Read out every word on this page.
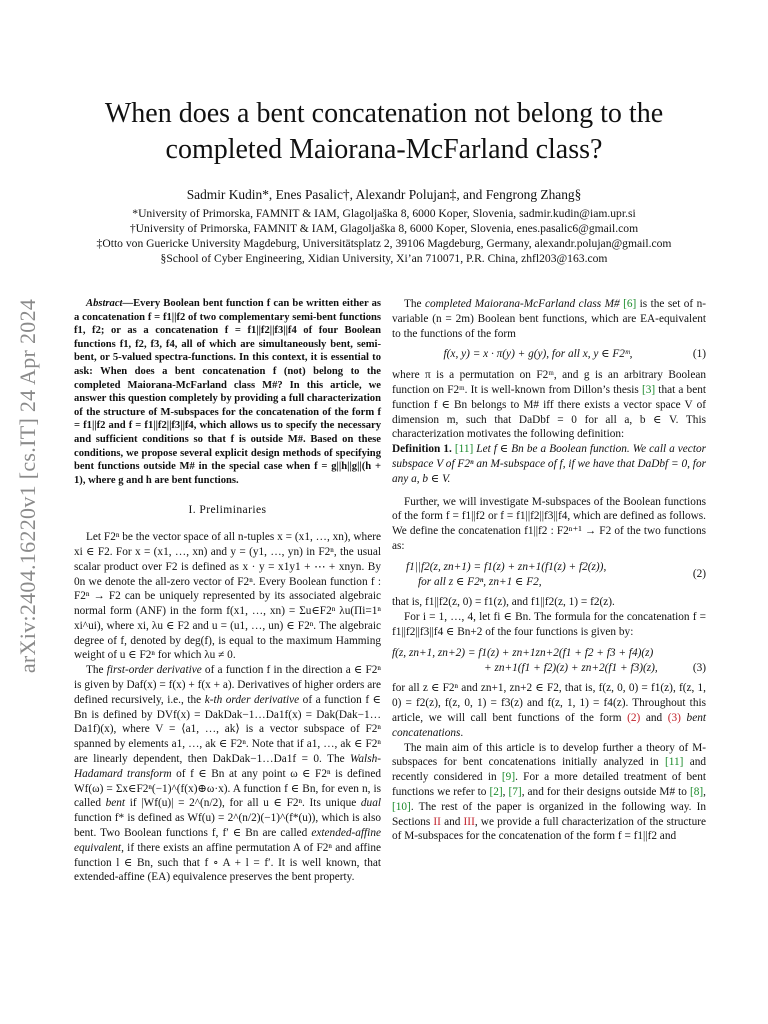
arXiv:2404.16220v1 [cs.IT] 24 Apr 2024
When does a bent concatenation not belong to the completed Maiorana-McFarland class?
Sadmir Kudin*, Enes Pasalic†, Alexandr Polujan‡, and Fengrong Zhang§
*University of Primorska, FAMNIT & IAM, Glagoljaška 8, 6000 Koper, Slovenia, sadmir.kudin@iam.upr.si
†University of Primorska, FAMNIT & IAM, Glagoljaška 8, 6000 Koper, Slovenia, enes.pasalic6@gmail.com
‡Otto von Guericke University Magdeburg, Universitätsplatz 2, 39106 Magdeburg, Germany, alexandr.polujan@gmail.com
§School of Cyber Engineering, Xidian University, Xi’an 710071, P.R. China, zhfl203@163.com

Abstract—Every Boolean bent function f can be written either as a concatenation f = f1||f2 of two complementary semi-bent functions f1, f2; or as a concatenation f = f1||f2||f3||f4 of four Boolean functions f1, f2, f3, f4, all of which are simultaneously bent, semi-bent, or 5-valued spectra-functions. In this context, it is essential to ask: When does a bent concatenation f (not) belong to the completed Maiorana-McFarland class M#? In this article, we answer this question completely by providing a full characterization of the structure of M-subspaces for the concatenation of the form f = f1||f2 and f = f1||f2||f3||f4, which allows us to specify the necessary and sufficient conditions so that f is outside M#. Based on these conditions, we propose several explicit design methods of specifying bent functions outside M# in the special case when f = g||h||g||(h + 1), where g and h are bent functions.

I. Preliminaries

Let F2ⁿ be the vector space of all n-tuples x = (x1, …, xn), where xi ∈ F2. For x = (x1, …, xn) and y = (y1, …, yn) in F2ⁿ, the usual scalar product over F2 is defined as x · y = x1y1 + ⋯ + xnyn. By 0n we denote the all-zero vector of F2ⁿ. Every Boolean function f : F2ⁿ → F2 can be uniquely represented by its associated algebraic normal form (ANF) in the form f(x1, …, xn) = Σu∈F2ⁿ λu(Πi=1ⁿ xi^ui), where xi, λu ∈ F2 and u = (u1, …, un) ∈ F2ⁿ. The algebraic degree of f, denoted by deg(f), is equal to the maximum Hamming weight of u ∈ F2ⁿ for which λu ≠ 0.

The first-order derivative of a function f in the direction a ∈ F2ⁿ is given by Daf(x) = f(x) + f(x + a). Derivatives of higher orders are defined recursively, i.e., the k-th order derivative of a function f ∈ Bn is defined by DVf(x) = DakDak−1…Da1f(x) = Dak(Dak−1…Da1f)(x), where V = ⟨a1, …, ak⟩ is a vector subspace of F2ⁿ spanned by elements a1, …, ak ∈ F2ⁿ. Note that if a1, …, ak ∈ F2ⁿ are linearly dependent, then DakDak−1…Da1f = 0. The Walsh-Hadamard transform of f ∈ Bn at any point ω ∈ F2ⁿ is defined Wf(ω) = Σx∈F2ⁿ(−1)^(f(x)⊕ω·x). A function f ∈ Bn, for even n, is called bent if |Wf(u)| = 2^(n/2), for all u ∈ F2ⁿ. Its unique dual function f* is defined as Wf(u) = 2^(n/2)(−1)^(f*(u)), which is also bent. Two Boolean functions f, f′ ∈ Bn are called extended-affine equivalent, if there exists an affine permutation A of F2ⁿ and affine function l ∈ Bn, such that f ∘ A + l = f′. It is well known, that extended-affine (EA) equivalence preserves the bent property.

The completed Maiorana-McFarland class M# [6] is the set of n-variable (n = 2m) Boolean bent functions, which are EA-equivalent to the functions of the form

f(x, y) = x · π(y) + g(y), for all x, y ∈ F2ᵐ,	(1)

where π is a permutation on F2ᵐ, and g is an arbitrary Boolean function on F2ᵐ. It is well-known from Dillon’s thesis [3] that a bent function f ∈ Bn belongs to M# iff there exists a vector space V of dimension m, such that DaDbf = 0 for all a, b ∈ V. This characterization motivates the following definition:

Definition 1. [11] Let f ∈ Bn be a Boolean function. We call a vector subspace V of F2ⁿ an M-subspace of f, if we have that DaDbf = 0, for any a, b ∈ V.

Further, we will investigate M-subspaces of the Boolean functions of the form f = f1||f2 or f = f1||f2||f3||f4, which are defined as follows. We define the concatenation f1||f2 : F2ⁿ⁺¹ → F2 of the two functions as:

f1||f2(z, zn+1) = f1(z) + zn+1(f1(z) + f2(z)),
for all z ∈ F2ⁿ, zn+1 ∈ F2,
(2)

that is, f1||f2(z, 0) = f1(z), and f1||f2(z, 1) = f2(z).

For i = 1, …, 4, let fi ∈ Bn. The formula for the concatenation f = f1||f2||f3||f4 ∈ Bn+2 of the four functions is given by:

f(z, zn+1, zn+2) = f1(z) + zn+1zn+2(f1 + f2 + f3 + f4)(z)
+ zn+1(f1 + f2)(z) + zn+2(f1 + f3)(z),	(3)

for all z ∈ F2ⁿ and zn+1, zn+2 ∈ F2, that is, f(z, 0, 0) = f1(z), f(z, 1, 0) = f2(z), f(z, 0, 1) = f3(z) and f(z, 1, 1) = f4(z). Throughout this article, we will call bent functions of the form (2) and (3) bent concatenations.

The main aim of this article is to develop further a theory of M-subspaces for bent concatenations initially analyzed in [11] and recently considered in [9]. For a more detailed treatment of bent functions we refer to [2], [7], and for their designs outside M# to [8], [10]. The rest of the paper is organized in the following way. In Sections II and III, we provide a full characterization of the structure of M-subspaces for the concatenation of the form f = f1||f2 and
